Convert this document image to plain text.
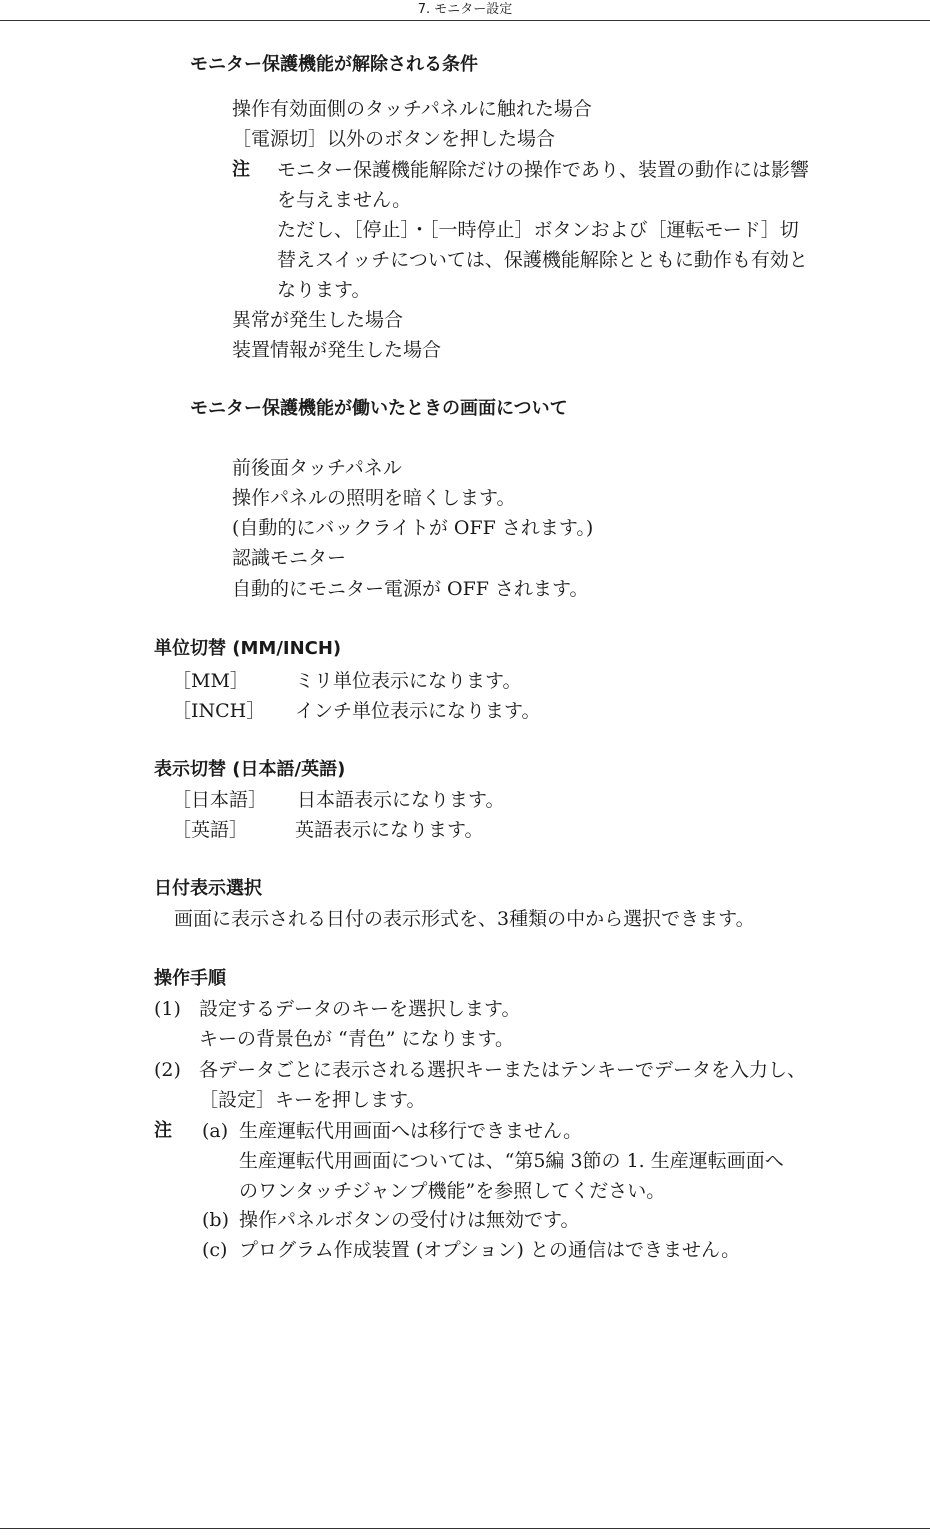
7. モニター設定
モニター保護機能が解除される条件
操作有効面側のタッチパネルに触れた場合
［電源切］以外のボタンを押した場合
注 モニター保護機能解除だけの操作であり、装置の動作には影響
を与えません。
ただし、［停止］・［一時停止］ボタンおよび［運転モード］切
替えスイッチについては、保護機能解除とともに動作も有効と
なります。
異常が発生した場合
装置情報が発生した場合
モニター保護機能が働いたときの画面について
前後面タッチパネル
操作パネルの照明を暗くします。
(自動的にバックライトが OFF されます。)
認識モニター
自動的にモニター電源が OFF されます。
単位切替 (MM/INCH)
［MM］ ミリ単位表示になります。
［INCH］ インチ単位表示になります。
表示切替 (日本語/英語)
［日本語］ 日本語表示になります。
［英語］ 英語表示になります。
日付表示選択
画面に表示される日付の表示形式を、3種類の中から選択できます。
操作手順
(1) 設定するデータのキーを選択します。
キーの背景色が “青色” になります。
(2) 各データごとに表示される選択キーまたはテンキーでデータを入力し、
［設定］キーを押します。
注 (a) 生産運転代用画面へは移行できません。
生産運転代用画面については、“第5編 3節の 1. 生産運転画面へ
のワンタッチジャンプ機能”を参照してください。
(b) 操作パネルボタンの受付けは無効です。
(c) プログラム作成装置 (オプション) との通信はできません。
